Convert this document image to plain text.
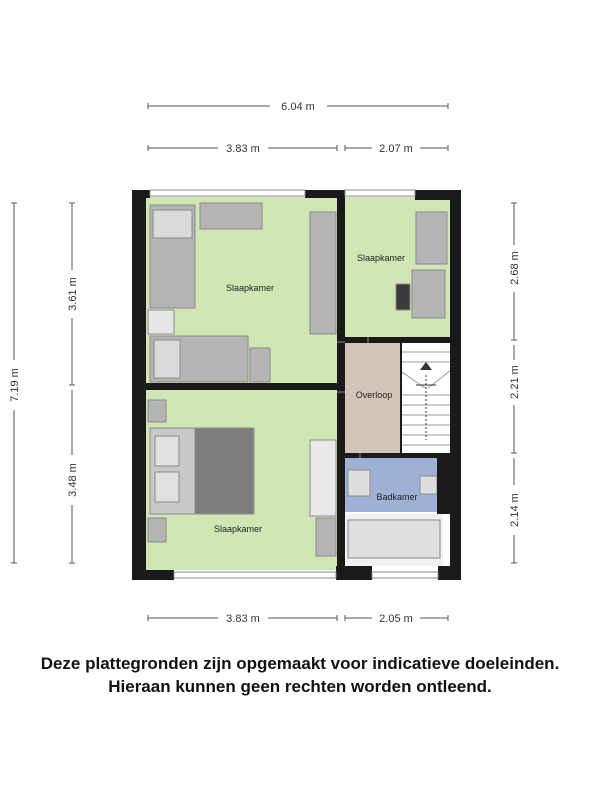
6.04 m
3.83 m	2.07 m
3.83 m	2.05 m
7.19 m
3.61 m
3.48 m
2.68 m
2.21 m
2.14 m
Slaapkamer
Slaapkamer
Overloop
Badkamer
Slaapkamer
Deze plattegronden zijn opgemaakt voor indicatieve doeleinden.
Hieraan kunnen geen rechten worden ontleend.
